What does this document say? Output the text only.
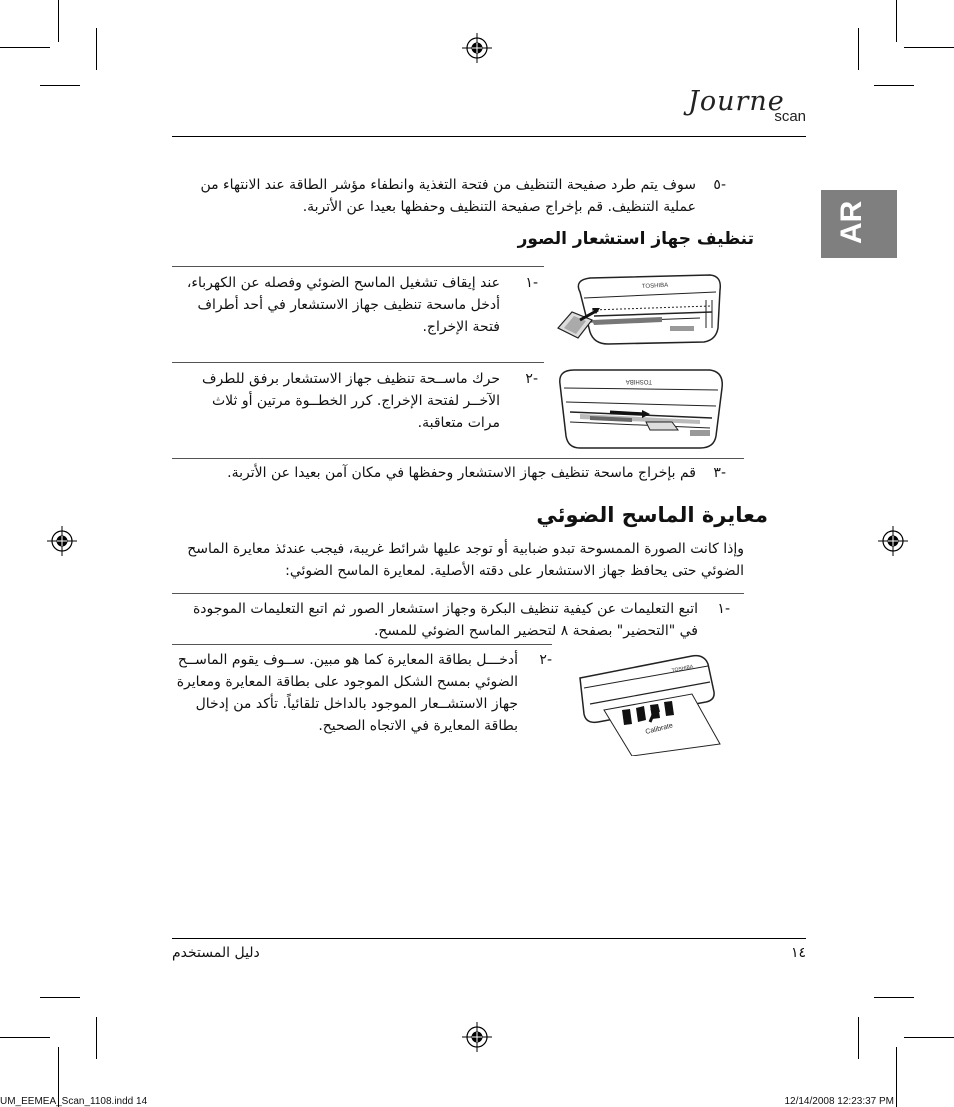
Journe
scan
AR
-٥
سوف يتم طرد صفيحة التنظيف من فتحة التغذية وانطفاء مؤشر الطاقة عند الانتهاء من عملية التنظيف. قم بإخراج صفيحة التنظيف وحفظها بعيدا عن الأتربة.
تنظيف جهاز استشعار الصور
-١
عند إيقاف تشغيل الماسح الضوئي وفصله عن الكهرباء، أدخل ماسحة تنظيف جهاز الاستشعار في أحد أطراف فتحة الإخراج.
TOSHIBA
-٢
حرك ماســحة تنظيف جهاز الاستشعار برفق للطرف الآخــر لفتحة الإخراج. كرر الخطــوة مرتين أو ثلاث مرات متعاقبة.
TOSHIBA
-٣
قم بإخراج ماسحة تنظيف جهاز الاستشعار وحفظها في مكان آمن بعيدا عن الأتربة.
معايرة الماسح الضوئي
وإذا كانت الصورة الممسوحة تبدو ضبابية أو توجد عليها شرائط غريبة، فيجب عندئذ معايرة الماسح الضوئي حتى يحافظ جهاز الاستشعار على دقته الأصلية. لمعايرة الماسح الضوئي:
-١
اتبع التعليمات عن كيفية تنظيف البكرة وجهاز استشعار الصور ثم اتبع التعليمات الموجودة في "التحضير" بصفحة ٨ لتحضير الماسح الضوئي للمسح.
-٢
أدخـــل بطاقة المعايرة كما هو مبين. ســوف يقوم الماســح الضوئي بمسح الشكل الموجود على بطاقة المعايرة ومعايرة جهاز الاستشــعار الموجود بالداخل تلقائياً. تأكد من إدخال بطاقة المعايرة في الاتجاه الصحيح.
TOSHIBA
Calibrate
دليل المستخدم	١٤
UM_EEMEA_Scan_1108.indd 14	12/14/2008 12:23:37 PM
